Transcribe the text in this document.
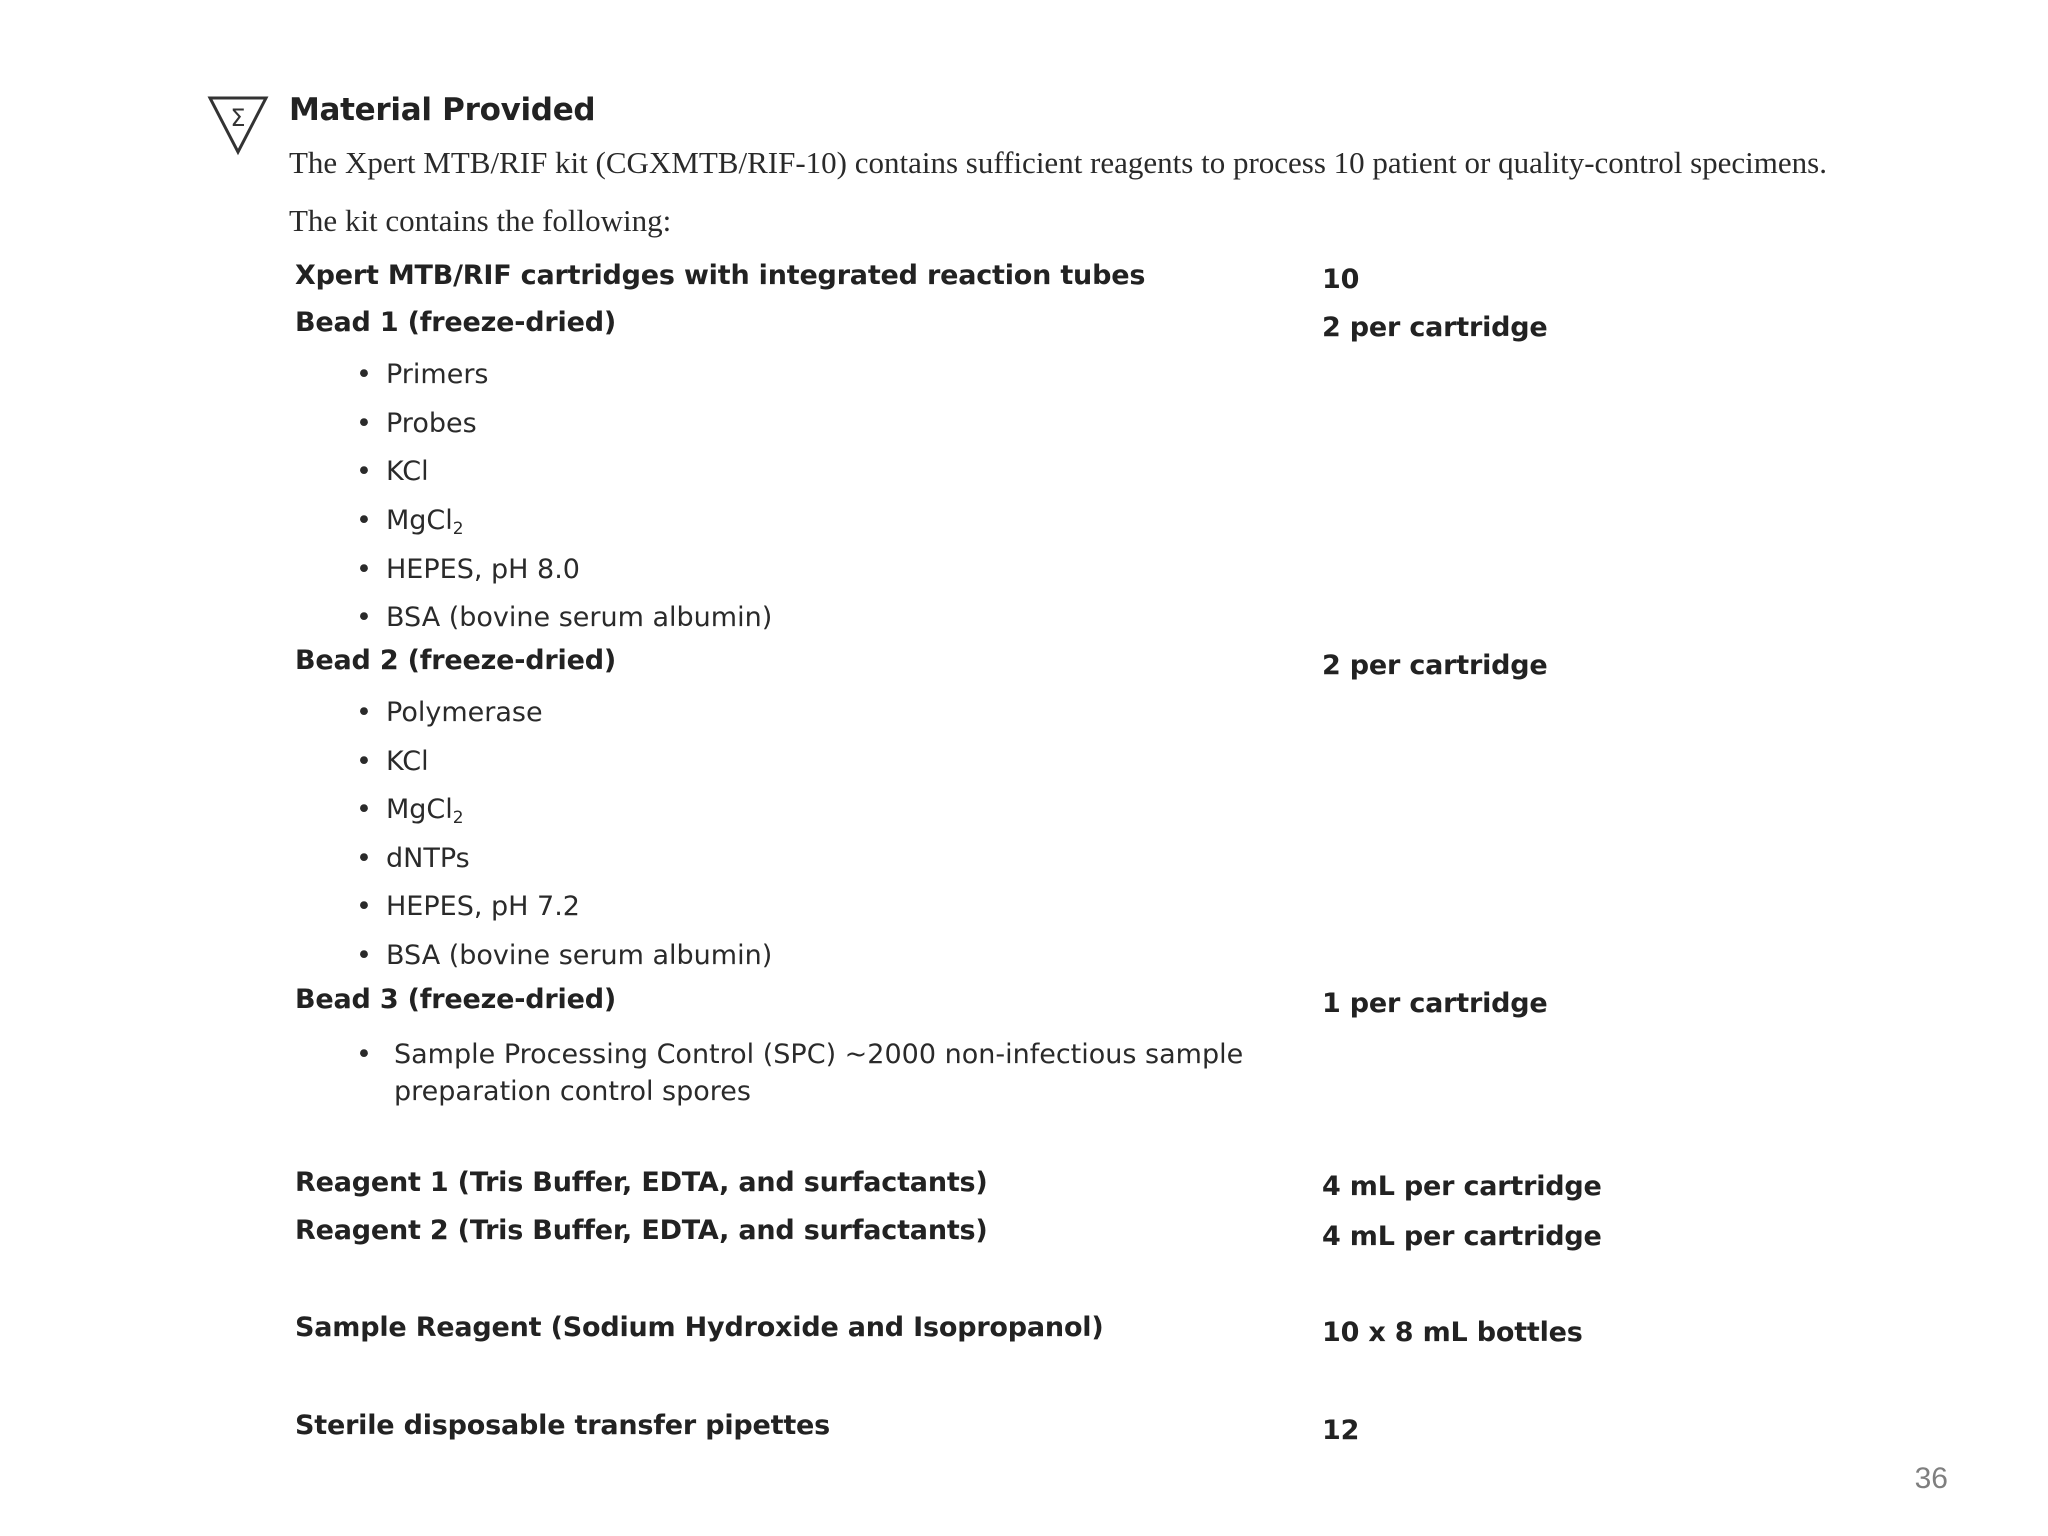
Σ Material Provided
The Xpert MTB/RIF kit (CGXMTB/RIF-10) contains sufficient reagents to process 10 patient or quality-control specimens.
The kit contains the following:
Xpert MTB/RIF cartridges with integrated reaction tubes	10
Bead 1 (freeze-dried)	2 per cartridge
• Primers
• Probes
• KCl
• MgCl$_2$
• HEPES, pH 8.0
• BSA (bovine serum albumin)
Bead 2 (freeze-dried)	2 per cartridge
• Polymerase
• KCl
• MgCl$_2$
• dNTPs
• HEPES, pH 7.2
• BSA (bovine serum albumin)
Bead 3 (freeze-dried)	1 per cartridge
• Sample Processing Control (SPC) ~2000 non-infectious sample preparation control spores
Reagent 1 (Tris Buffer, EDTA, and surfactants)	4 mL per cartridge
Reagent 2 (Tris Buffer, EDTA, and surfactants)	4 mL per cartridge
Sample Reagent (Sodium Hydroxide and Isopropanol)	10 x 8 mL bottles
Sterile disposable transfer pipettes	12
36
